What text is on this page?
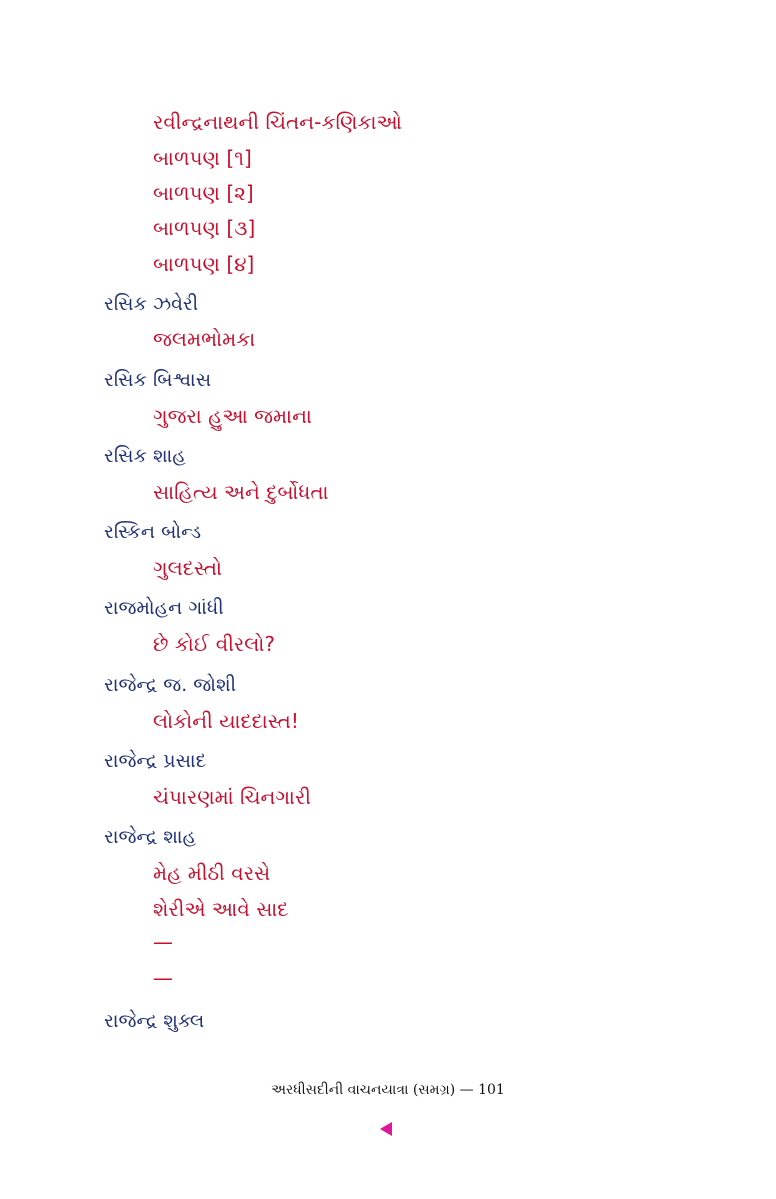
રવીન્દ્રનાથની ચિંતન-કણિકાઓ
બાળપણ [૧]
બાળપણ [૨]
બાળપણ [૩]
બાળપણ [૪]
રસિક ઝવેરી
જલમભોમકા
રસિક બિશ્વાસ
ગુજરા હુઆ જમાના
રસિક શાહ
સાહિત્ય અને દુર્બોધતા
રસ્કિન બોન્ડ
ગુલદસ્તો
રાજમોહન ગાંધી
છે કોઈ વીરલો?
રાજેન્દ્ર જ. જોશી
લોકોની યાદદાસ્ત!
રાજેન્દ્ર પ્રસાદ
ચંપારણમાં ચિનગારી
રાજેન્દ્ર શાહ
મેહ મીઠી વરસે
શેરીએ આવે સાદ
—
—
રાજેન્દ્ર શુક્લ
અરધીસદીની વાચનયાત્રા (સમગ્ર) — 101
